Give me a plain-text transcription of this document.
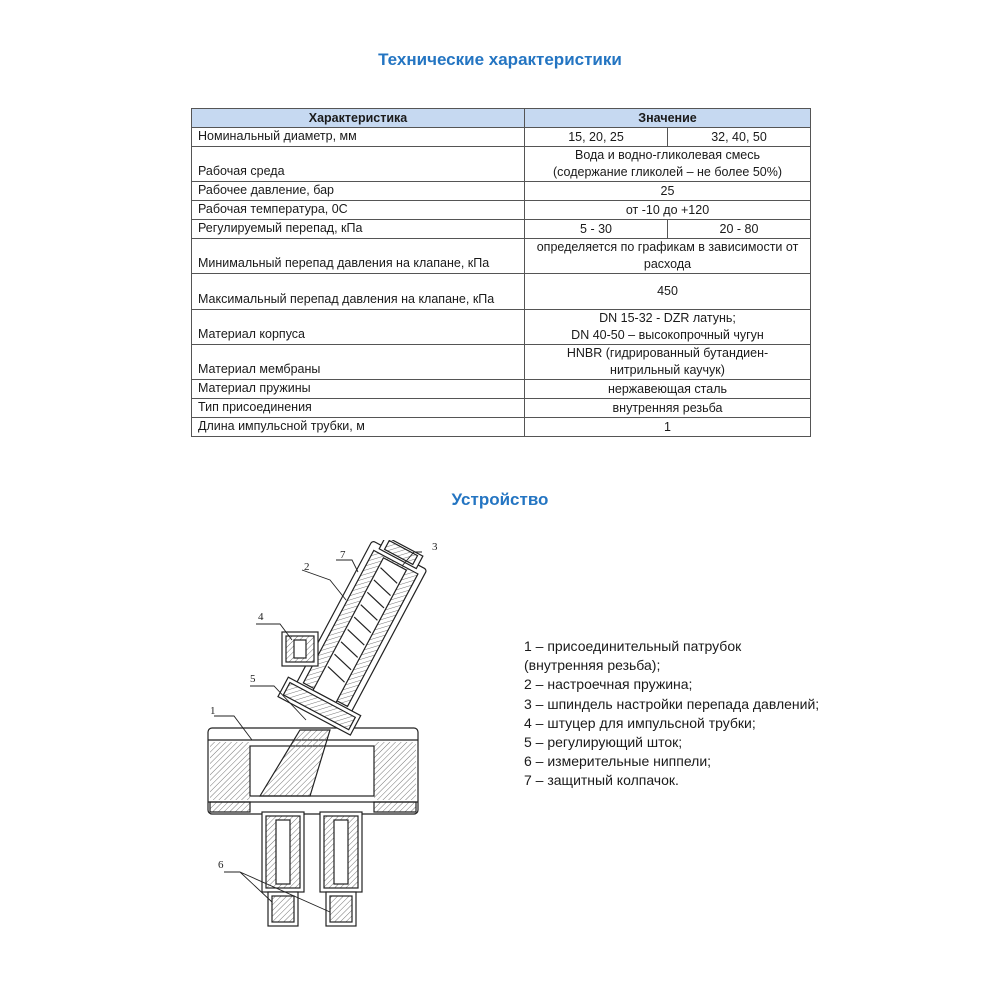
Технические характеристики
Характеристика	Значение	
Номинальный диаметр, мм	15, 20, 25	32, 40, 50
Рабочая среда	Вода и водно-гликолевая смесь
(содержание гликолей – не более 50%)	

Рабочее давление, бар	25	
Рабочая температура, 0С	от -10 до +120	
Регулируемый перепад, кПа	5 - 30	20 - 80
Минимальный перепад давления на клапане, кПа	определяется по графикам в зависимости от
расхода	

Максимальный перепад давления на клапане, кПа	450	
Материал корпуса	DN 15-32 - DZR латунь;
DN 40-50 – высокопрочный чугун	

Материал мембраны	HNBR (гидрированный бутандиен-
нитрильный каучук)	

Материал пружины	нержавеющая сталь	
Тип присоединения	внутренняя резьба	
Длина импульсной трубки, м	1	
Устройство
1
2
3
4
5
6
7
1 – присоединительный патрубок
(внутренняя резьба);
2 – настроечная пружина;
3 – шпиндель настройки перепада давлений;
4 – штуцер для импульсной трубки;
5 – регулирующий шток;
6 – измерительные ниппели;
7 – защитный колпачок.
